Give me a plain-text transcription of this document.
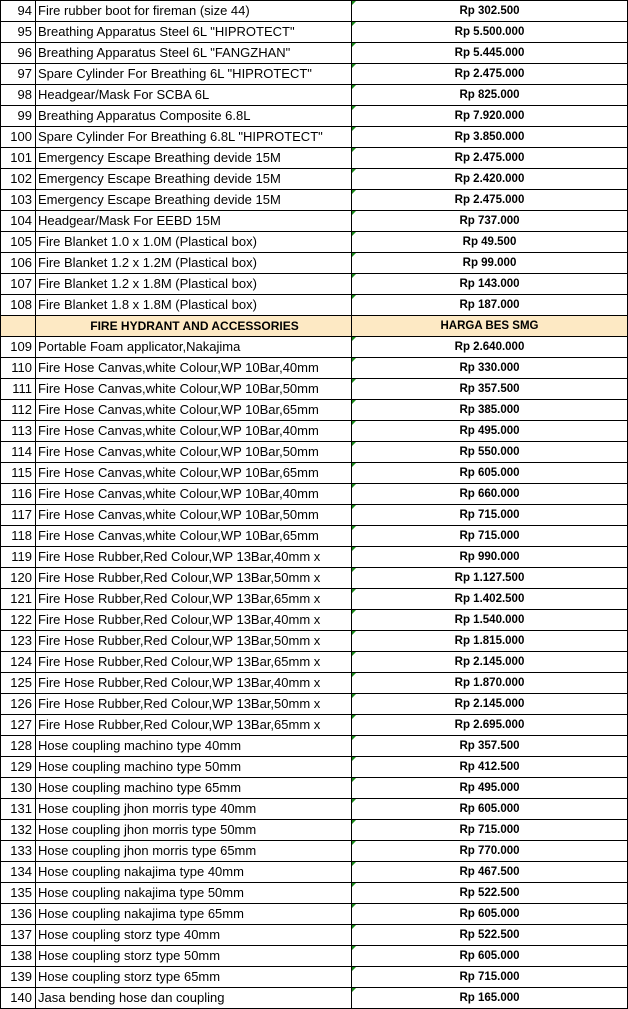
94	Fire rubber boot for fireman (size 44)	Rp 302.500
95	Breathing Apparatus Steel 6L "HIPROTECT"	Rp 5.500.000
96	Breathing Apparatus Steel 6L "FANGZHAN"	Rp 5.445.000
97	Spare Cylinder For Breathing 6L "HIPROTECT"	Rp 2.475.000
98	Headgear/Mask For SCBA 6L	Rp 825.000
99	Breathing Apparatus Composite 6.8L	Rp 7.920.000
100	Spare Cylinder For Breathing 6.8L "HIPROTECT"	Rp 3.850.000
101	Emergency Escape Breathing devide 15M	Rp 2.475.000
102	Emergency Escape Breathing devide 15M	Rp 2.420.000
103	Emergency Escape Breathing devide 15M	Rp 2.475.000
104	Headgear/Mask For EEBD 15M	Rp 737.000
105	Fire Blanket 1.0 x 1.0M (Plastical box)	Rp 49.500
106	Fire Blanket 1.2 x 1.2M (Plastical box)	Rp 99.000
107	Fire Blanket 1.2 x 1.8M (Plastical box)	Rp 143.000
108	Fire Blanket 1.8 x 1.8M (Plastical box)	Rp 187.000
	FIRE HYDRANT AND ACCESSORIES	HARGA BES SMG
109	Portable Foam applicator,Nakajima	Rp 2.640.000
110	Fire Hose Canvas,white Colour,WP 10Bar,40mm	Rp 330.000
111	Fire Hose Canvas,white Colour,WP 10Bar,50mm	Rp 357.500
112	Fire Hose Canvas,white Colour,WP 10Bar,65mm	Rp 385.000
113	Fire Hose Canvas,white Colour,WP 10Bar,40mm	Rp 495.000
114	Fire Hose Canvas,white Colour,WP 10Bar,50mm	Rp 550.000
115	Fire Hose Canvas,white Colour,WP 10Bar,65mm	Rp 605.000
116	Fire Hose Canvas,white Colour,WP 10Bar,40mm	Rp 660.000
117	Fire Hose Canvas,white Colour,WP 10Bar,50mm	Rp 715.000
118	Fire Hose Canvas,white Colour,WP 10Bar,65mm	Rp 715.000
119	Fire Hose Rubber,Red Colour,WP 13Bar,40mm x	Rp 990.000
120	Fire Hose Rubber,Red Colour,WP 13Bar,50mm x	Rp 1.127.500
121	Fire Hose Rubber,Red Colour,WP 13Bar,65mm x	Rp 1.402.500
122	Fire Hose Rubber,Red Colour,WP 13Bar,40mm x	Rp 1.540.000
123	Fire Hose Rubber,Red Colour,WP 13Bar,50mm x	Rp 1.815.000
124	Fire Hose Rubber,Red Colour,WP 13Bar,65mm x	Rp 2.145.000
125	Fire Hose Rubber,Red Colour,WP 13Bar,40mm x	Rp 1.870.000
126	Fire Hose Rubber,Red Colour,WP 13Bar,50mm x	Rp 2.145.000
127	Fire Hose Rubber,Red Colour,WP 13Bar,65mm x	Rp 2.695.000
128	Hose coupling machino type 40mm	Rp 357.500
129	Hose coupling machino type 50mm	Rp 412.500
130	Hose coupling machino type 65mm	Rp 495.000
131	Hose coupling jhon morris type 40mm	Rp 605.000
132	Hose coupling jhon morris type 50mm	Rp 715.000
133	Hose coupling jhon morris type 65mm	Rp 770.000
134	Hose coupling nakajima type 40mm	Rp 467.500
135	Hose coupling nakajima type 50mm	Rp 522.500
136	Hose coupling nakajima type 65mm	Rp 605.000
137	Hose coupling storz type 40mm	Rp 522.500
138	Hose coupling storz type 50mm	Rp 605.000
139	Hose coupling storz type 65mm	Rp 715.000
140	Jasa bending hose dan coupling	Rp 165.000
